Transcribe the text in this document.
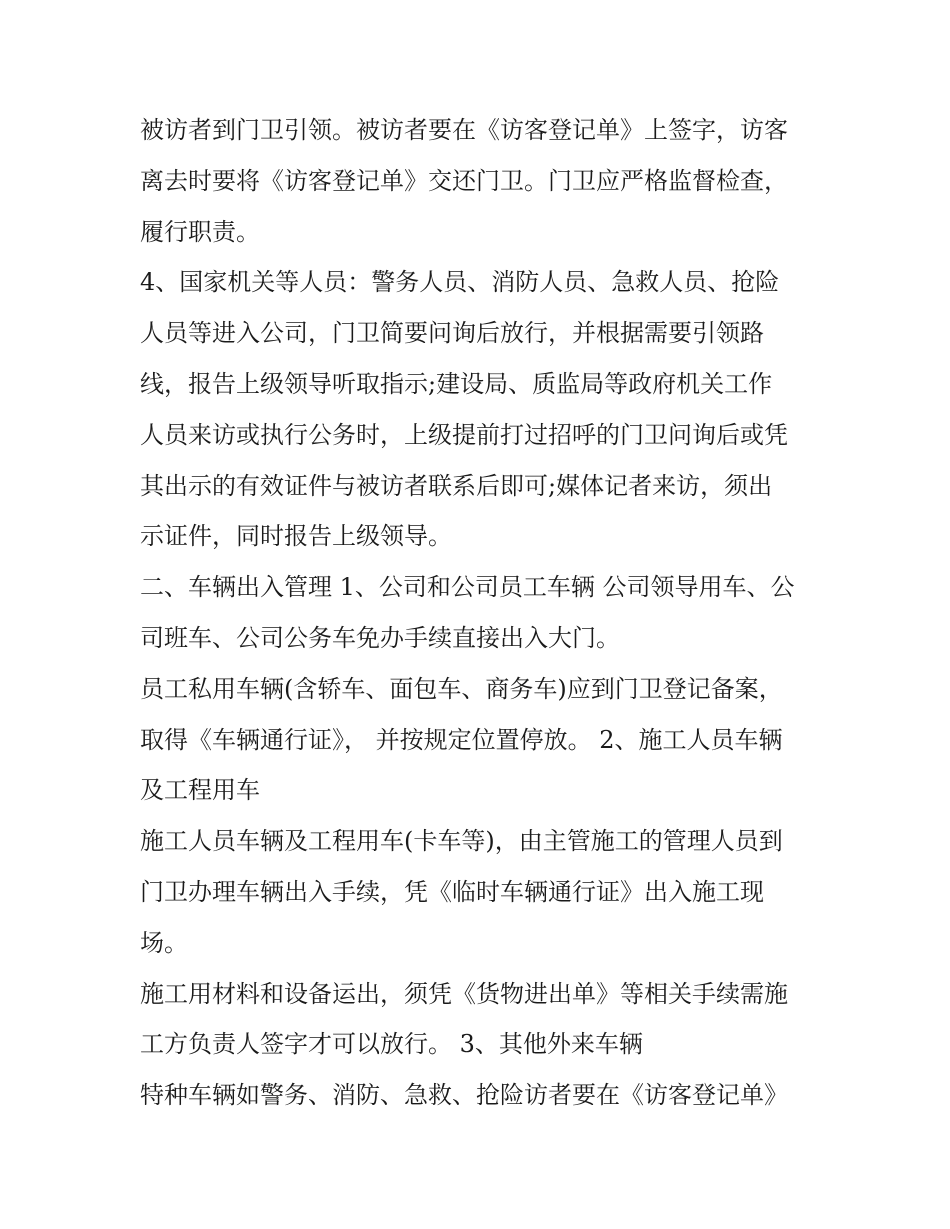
被访者到门卫引领。被访者要在《访客登记单》上签字，访客
离去时要将《访客登记单》交还门卫。门卫应严格监督检查，
履行职责。

4、国家机关等人员：警务人员、消防人员、急救人员、抢险
人员等进入公司，门卫简要问询后放行，并根据需要引领路
线，报告上级领导听取指示;建设局、质监局等政府机关工作
人员来访或执行公务时，上级提前打过招呼的门卫问询后或凭
其出示的有效证件与被访者联系后即可;媒体记者来访，须出
示证件，同时报告上级领导。

二、车辆出入管理 1、公司和公司员工车辆 公司领导用车、公
司班车、公司公务车免办手续直接出入大门。

员工私用车辆(含轿车、面包车、商务车)应到门卫登记备案，
取得《车辆通行证》， 并按规定位置停放。 2、施工人员车辆
及工程用车

施工人员车辆及工程用车(卡车等)，由主管施工的管理人员到
门卫办理车辆出入手续，凭《临时车辆通行证》出入施工现
场。

施工用材料和设备运出，须凭《货物进出单》等相关手续需施
工方负责人签字才可以放行。 3、其他外来车辆

特种车辆如警务、消防、急救、抢险访者要在《访客登记单》
